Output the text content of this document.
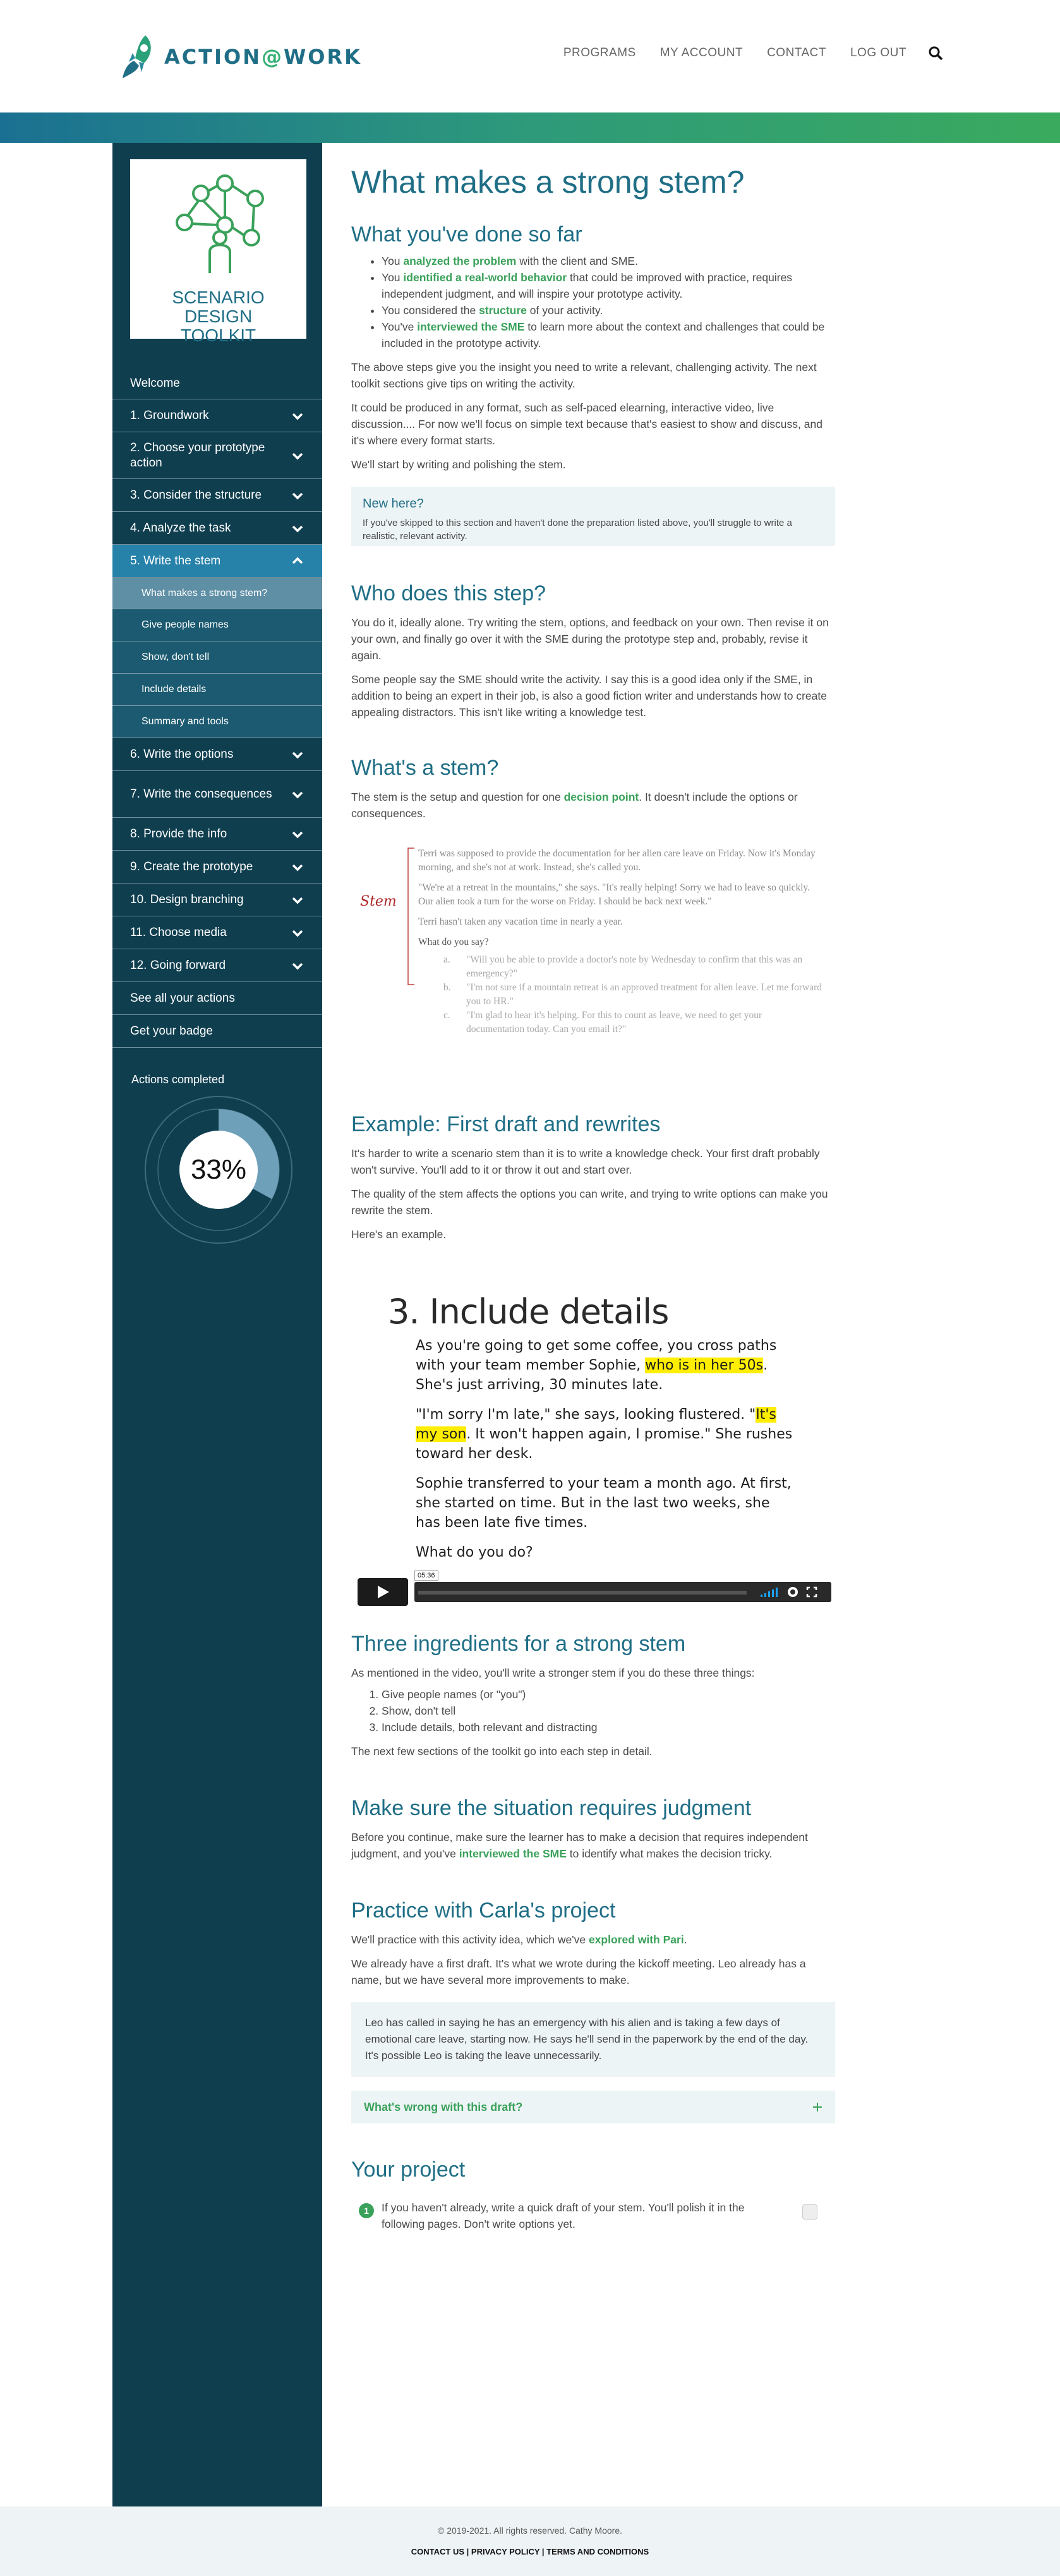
ACTION@WORK	PROGRAMS MY ACCOUNT CONTACT LOG OUT
SCENARIO DESIGN
TOOLKIT
Welcome
1. Groundwork
2. Choose your prototype action
3. Consider the structure
4. Analyze the task
5. Write the stem
What makes a strong stem?
Give people names
Show, don't tell
Include details
Summary and tools
6. Write the options
7. Write the consequences
8. Provide the info
9. Create the prototype
10. Design branching
11. Choose media
12. Going forward
See all your actions
Get your badge
Actions completed
33%
What makes a strong stem?
What you've done so far
• You analyzed the problem with the client and SME.
• You identified a real-world behavior that could be improved with practice, requires independent judgment, and will inspire your prototype activity.
• You considered the structure of your activity.
• You've interviewed the SME to learn more about the context and challenges that could be included in the prototype activity.

The above steps give you the insight you need to write a relevant, challenging activity. The next toolkit sections give tips on writing the activity.

It could be produced in any format, such as self-paced elearning, interactive video, live discussion.... For now we'll focus on simple text because that's easiest to show and discuss, and it's where every format starts.

We'll start by writing and polishing the stem.

New here?
If you've skipped to this section and haven't done the preparation listed above, you'll struggle to write a realistic, relevant activity.
Who does this step?

You do it, ideally alone. Try writing the stem, options, and feedback on your own. Then revise it on your own, and finally go over it with the SME during the prototype step and, probably, revise it again.

Some people say the SME should write the activity. I say this is a good idea only if the SME, in addition to being an expert in their job, is also a good fiction writer and understands how to create appealing distractors. This isn't like writing a knowledge test.

What's a stem?

The stem is the setup and question for one decision point. It doesn't include the options or consequences.

Stem

Terri was supposed to provide the documentation for her alien care leave on Friday. Now it's Monday morning, and she's not at work. Instead, she's called you.

"We're at a retreat in the mountains," she says. "It's really helping! Sorry we had to leave so quickly. Our alien took a turn for the worse on Friday. I should be back next week."

Terri hasn't taken any vacation time in nearly a year.

What do you say?

a.	"Will you be able to provide a doctor's note by Wednesday to confirm that this was an emergency?"
b.	"I'm not sure if a mountain retreat is an approved treatment for alien leave. Let me forward you to HR."
c.	"I'm glad to hear it's helping. For this to count as leave, we need to get your documentation today. Can you email it?"
Example: First draft and rewrites

It's harder to write a scenario stem than it is to write a knowledge check. Your first draft probably won't survive. You'll add to it or throw it out and start over.

The quality of the stem affects the options you can write, and trying to write options can make you rewrite the stem.

Here's an example.

3. Include details

As you're going to get some coffee, you cross paths with your team member Sophie, who is in her 50s. She's just arriving, 30 minutes late.

"I'm sorry I'm late," she says, looking flustered. "It's my son. It won't happen again, I promise." She rushes toward her desk.

Sophie transferred to your team a month ago. At first, she started on time. But in the last two weeks, she has been late five times.

What do you do?

05:36
Three ingredients for a strong stem

As mentioned in the video, you'll write a stronger stem if you do these three things:

1. Give people names (or "you")
2. Show, don't tell
3. Include details, both relevant and distracting

The next few sections of the toolkit go into each step in detail.

Make sure the situation requires judgment

Before you continue, make sure the learner has to make a decision that requires independent judgment, and you've interviewed the SME to identify what makes the decision tricky.

Practice with Carla's project

We'll practice with this activity idea, which we've explored with Pari.

We already have a first draft. It's what we wrote during the kickoff meeting. Leo already has a name, but we have several more improvements to make.

Leo has called in saying he has an emergency with his alien and is taking a few days of emotional care leave, starting now. He says he'll send in the paperwork by the end of the day. It's possible Leo is taking the leave unnecessarily.
What's wrong with this draft?
Your project
1	If you haven't already, write a quick draft of your stem. You'll polish it in the following pages. Don't write options yet.
© 2019-2021. All rights reserved. Cathy Moore.
CONTACT US | PRIVACY POLICY | TERMS AND CONDITIONS
